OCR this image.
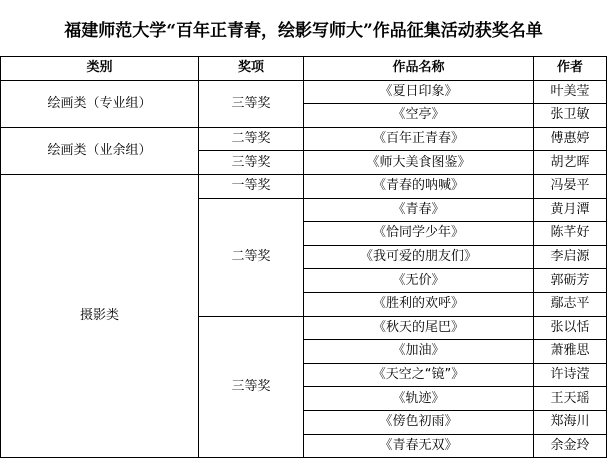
福建师范大学“百年正青春，绘影写师大”作品征集活动获奖名单
类别	奖项	作品名称	作者
绘画类（专业组）	三等奖	《夏日印象》	叶美莹
		《空亭》	张卫敏
绘画类（业余组）	二等奖	《百年正青春》	傅惠婷
	三等奖	《师大美食图鉴》	胡艺晖
摄影类	一等奖	《青春的呐喊》	冯晏平
	二等奖	《青春》	黄月潭
		《恰同学少年》	陈芊好
		《我可爱的朋友们》	李启源
		《无价》	郭砺芳
		《胜利的欢呼》	鄢志平
	三等奖	《秋天的尾巴》	张以恬
		《加油》	萧雅思
		《天空之“镜”》	许诗滢
		《轨迹》	王天瑶
		《傍色初雨》	郑海川
		《青春无双》	余金玲
